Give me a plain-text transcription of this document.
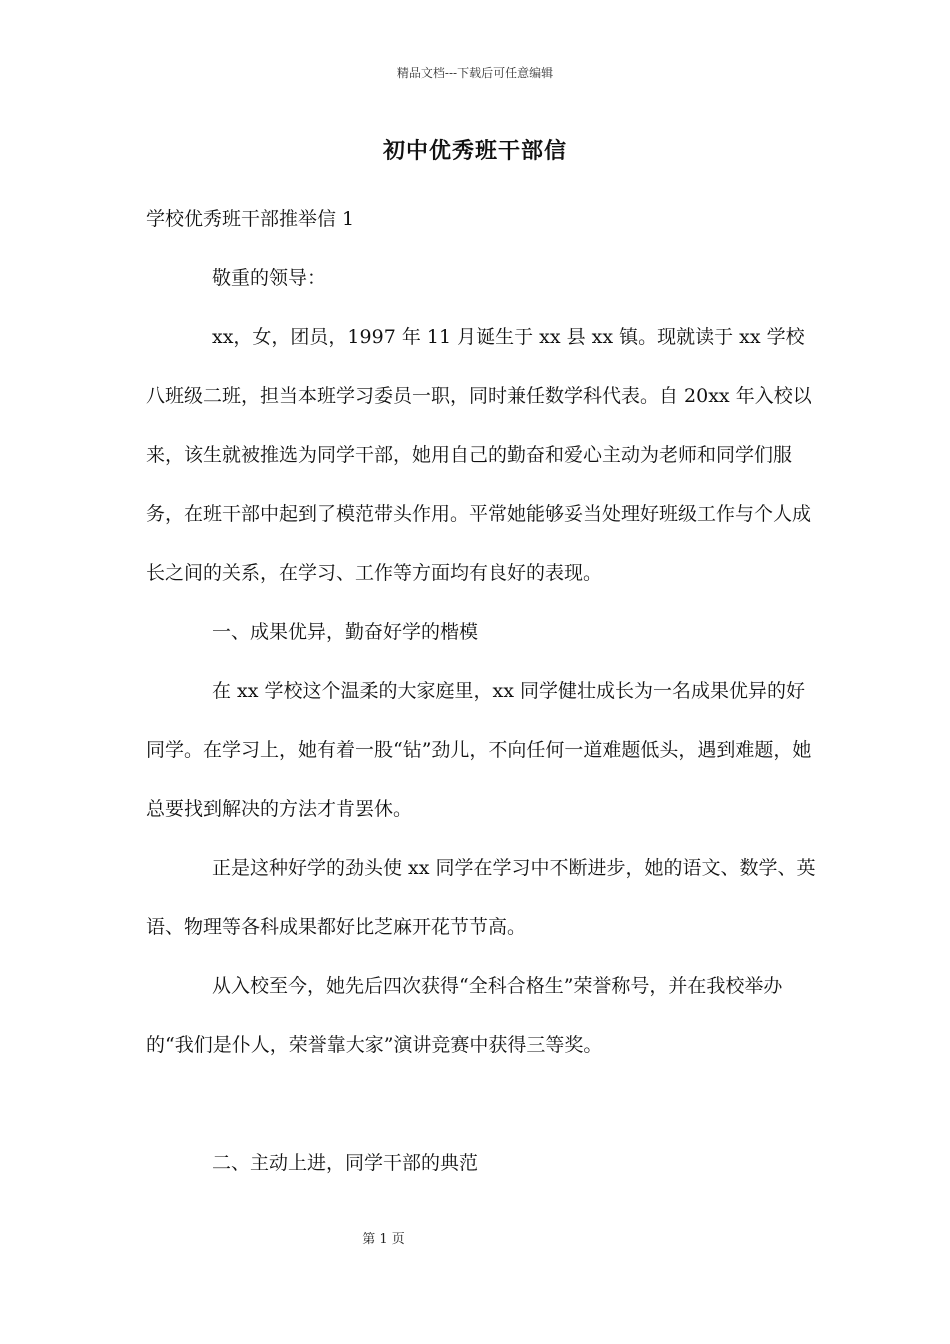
精品文档---下载后可任意编辑
初中优秀班干部信

学校优秀班干部推举信 1

敬重的领导：

xx，女，团员，1997 年 11 月诞生于 xx 县 xx 镇。现就读于 xx 学校八班级二班，担当本班学习委员一职，同时兼任数学科代表。自 20xx 年入校以来，该生就被推选为同学干部，她用自己的勤奋和爱心主动为老师和同学们服务，在班干部中起到了模范带头作用。平常她能够妥当处理好班级工作与个人成长之间的关系，在学习、工作等方面均有良好的表现。

一、成果优异，勤奋好学的楷模

在 xx 学校这个温柔的大家庭里，xx 同学健壮成长为一名成果优异的好同学。在学习上，她有着一股“钻”劲儿，不向任何一道难题低头，遇到难题，她总要找到解决的方法才肯罢休。

正是这种好学的劲头使 xx 同学在学习中不断进步，她的语文、数学、英语、物理等各科成果都好比芝麻开花节节高。

从入校至今，她先后四次获得“全科合格生”荣誉称号，并在我校举办的“我们是仆人，荣誉靠大家”演讲竞赛中获得三等奖。

二、主动上进，同学干部的典范

第 1 页
